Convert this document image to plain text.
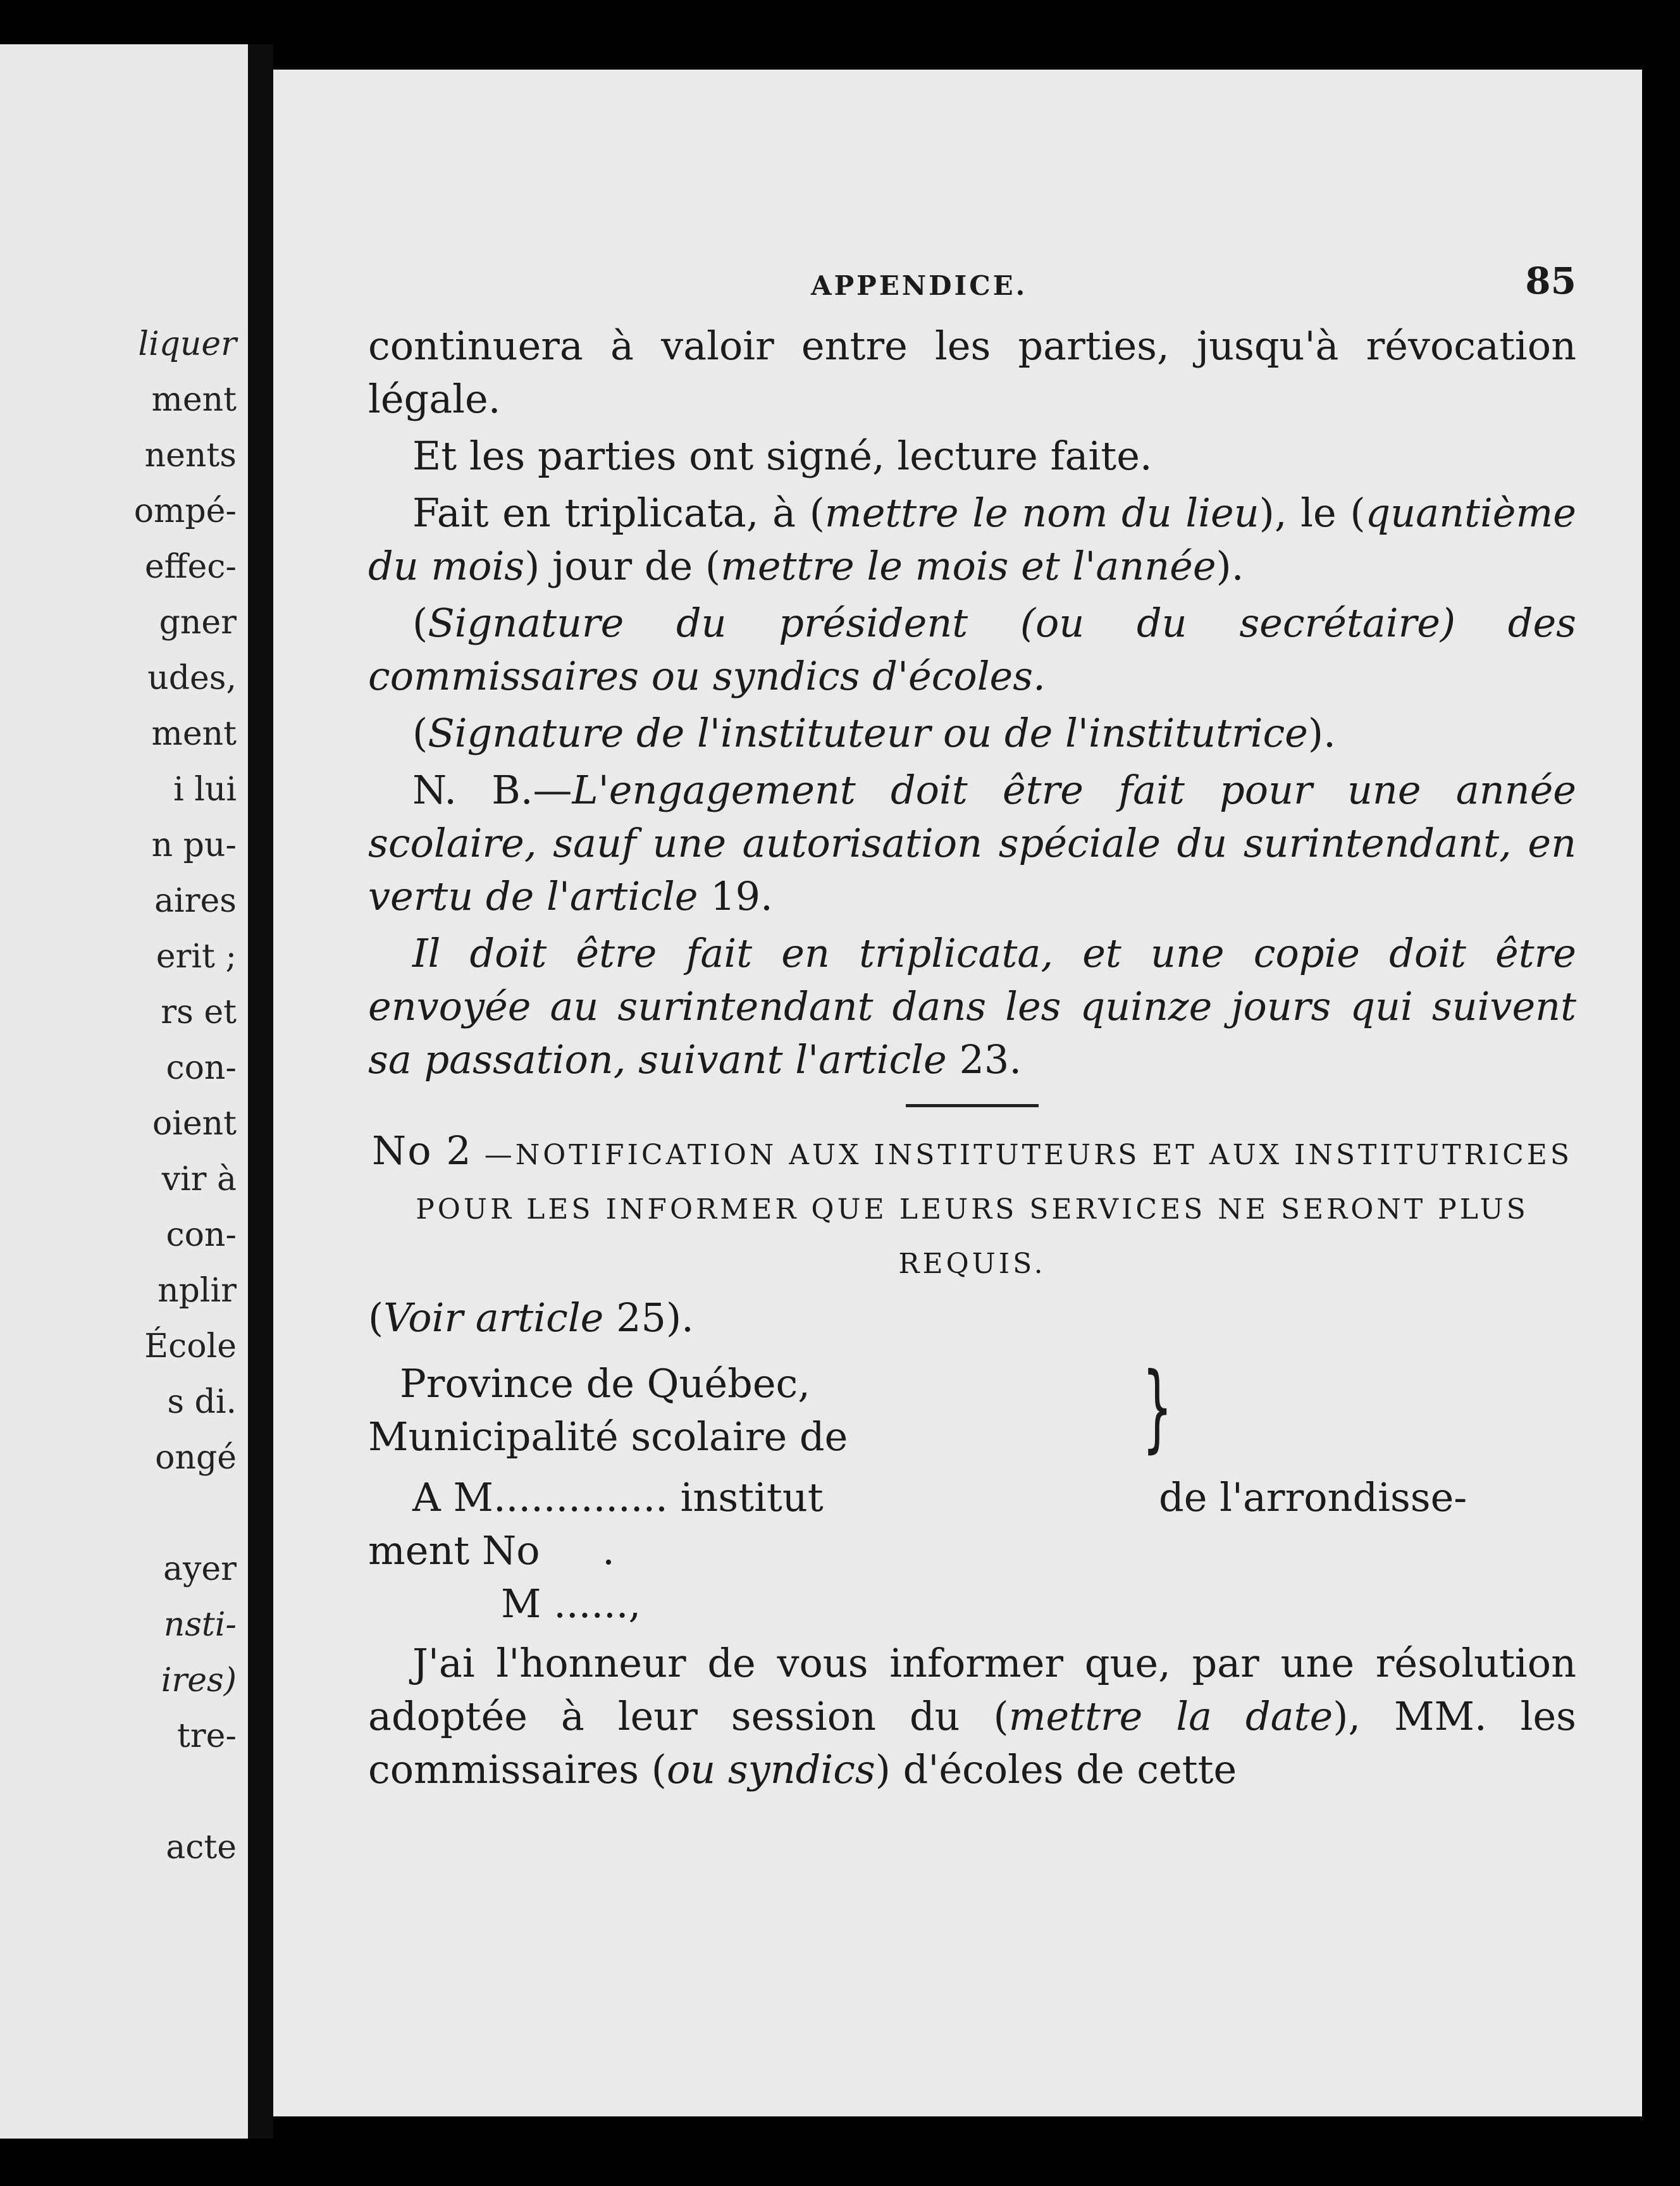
liquer
ment
nents
ompé-
effec-
gner
udes,
ment
i lui
n pu-
aires
erit ;
rs et
con-
oient
vir à
con-
nplir
École
s di.
ongé

ayer
nsti-
ires)
tre-

acte
APPENDICE.	85

continuera à valoir entre les parties, jusqu'à révocation légale.

Et les parties ont signé, lecture faite.

Fait en triplicata, à (mettre le nom du lieu), le (quantième du mois) jour de (mettre le mois et l'année).

(Signature du président (ou du secrétaire) des commissaires ou syndics d'écoles.

(Signature de l'instituteur ou de l'institutrice).

N. B.—L'engagement doit être fait pour une année scolaire, sauf une autorisation spéciale du surintendant, en vertu de l'article 19.

Il doit être fait en triplicata, et une copie doit être envoyée au surintendant dans les quinze jours qui suivent sa passation, suivant l'article 23.

No 2 —NOTIFICATION AUX INSTITUTEURS ET AUX INSTITUTRICES POUR LES INFORMER QUE LEURS SERVICES NE SERONT PLUS REQUIS.

(Voir article 25).

Province de Québec,
Municipalité scolaire de	}
A M.............. institut	de l'arrondisse-
ment No     .
M ......,

J'ai l'honneur de vous informer que, par une résolution adoptée à leur session du (mettre la date), MM. les commissaires (ou syndics) d'écoles de cette
